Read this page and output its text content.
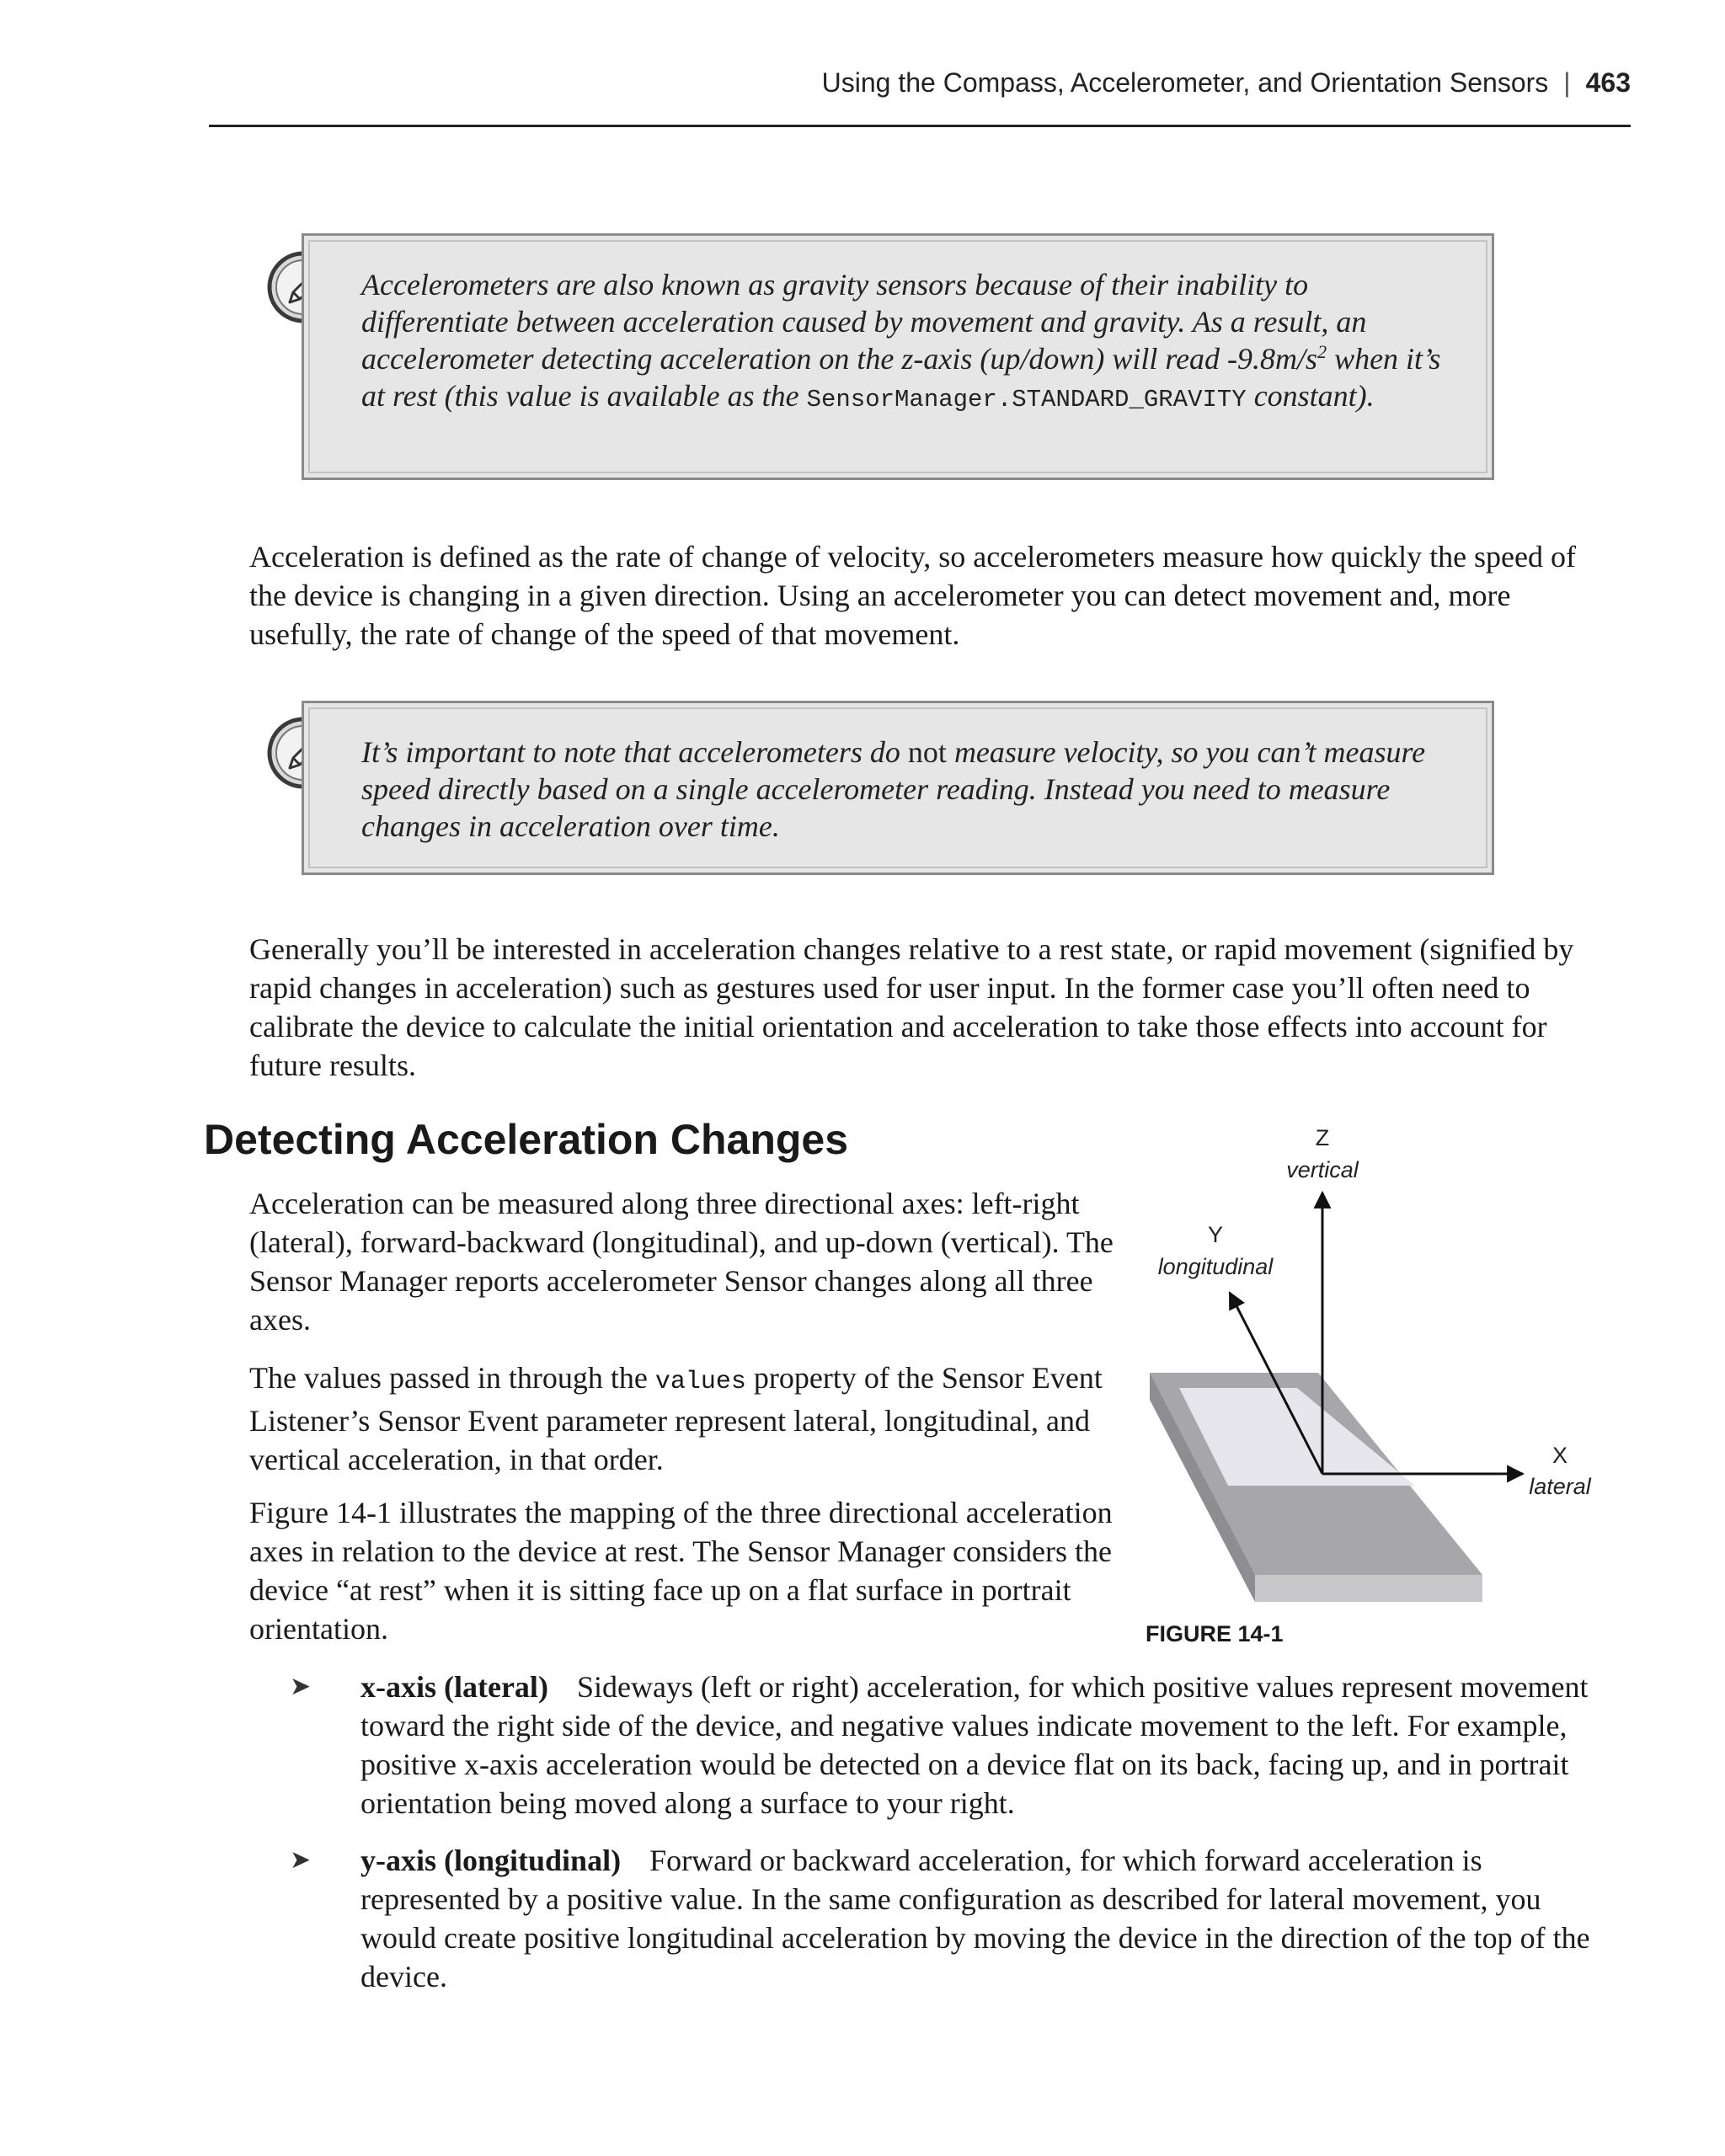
Using the Compass, Accelerometer, and Orientation Sensors | 463
Accelerometers are also known as gravity sensors because of their inability to differentiate between acceleration caused by movement and gravity. As a result, an accelerometer detecting acceleration on the z-axis (up/down) will read $-9.8m/s^2$ when it’s at rest (this value is available as the SensorManager.STANDARD_GRAVITY constant).
Acceleration is defined as the rate of change of velocity, so accelerometers measure how quickly the speed of the device is changing in a given direction. Using an accelerometer you can detect movement and, more usefully, the rate of change of the speed of that movement.
It’s important to note that accelerometers do not measure velocity, so you can’t measure speed directly based on a single accelerometer reading. Instead you need to measure changes in acceleration over time.
Generally you’ll be interested in acceleration changes relative to a rest state, or rapid movement (signified by rapid changes in acceleration) such as gestures used for user input. In the former case you’ll often need to calibrate the device to calculate the initial orientation and acceleration to take those effects into account for future results.
Detecting Acceleration Changes
Acceleration can be measured along three directional axes: left-right (lateral), forward-backward (longitudinal), and up-down (vertical). The Sensor Manager reports accelerometer Sensor changes along all three axes.
The values passed in through the values property of the Sensor Event Listener’s Sensor Event parameter represent lateral, longitudinal, and vertical acceleration, in that order.
Figure 14-1 illustrates the mapping of the three directional acceleration axes in relation to the device at rest. The Sensor Manager considers the device “at rest” when it is sitting face up on a flat surface in portrait orientation.
Z
vertical
Y
longitudinal
X
lateral
FIGURE 14-1
➤ x-axis (lateral) Sideways (left or right) acceleration, for which positive values represent movement toward the right side of the device, and negative values indicate movement to the left. For example, positive x-axis acceleration would be detected on a device flat on its back, facing up, and in portrait orientation being moved along a surface to your right.
➤ y-axis (longitudinal) Forward or backward acceleration, for which forward acceleration is represented by a positive value. In the same configuration as described for lateral movement, you would create positive longitudinal acceleration by moving the device in the direction of the top of the device.
